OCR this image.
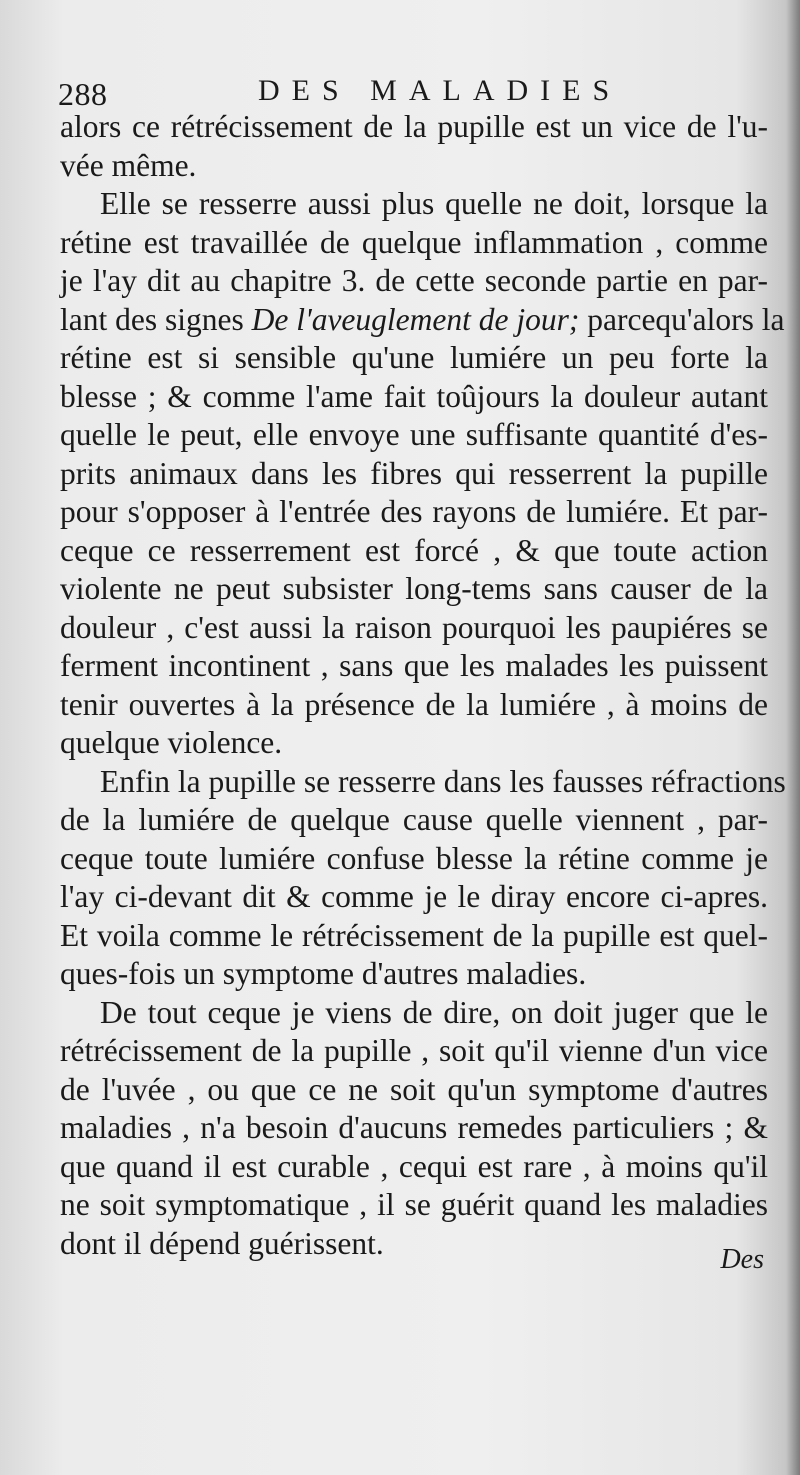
288	DES MALADIES
alors ce rétrécissement de la pupille est un vice de l'u-
vée même.
Elle se resserre aussi plus quelle ne doit, lorsque la
rétine est travaillée de quelque inflammation , comme
je l'ay dit au chapitre 3. de cette seconde partie en par-
lant des signes De l'aveuglement de jour; parcequ'alors la
rétine est si sensible qu'une lumiére un peu forte la
blesse ; & comme l'ame fait toûjours la douleur autant
quelle le peut, elle envoye une suffisante quantité d'es-
prits animaux dans les fibres qui resserrent la pupille
pour s'opposer à l'entrée des rayons de lumiére. Et par-
ceque ce resserrement est forcé , & que toute action
violente ne peut subsister long-tems sans causer de la
douleur , c'est aussi la raison pourquoi les paupiéres se
ferment incontinent , sans que les malades les puissent
tenir ouvertes à la présence de la lumiére , à moins de
quelque violence.
Enfin la pupille se resserre dans les fausses réfractions
de la lumiére de quelque cause quelle viennent , par-
ceque toute lumiére confuse blesse la rétine comme je
l'ay ci-devant dit & comme je le diray encore ci-apres.
Et voila comme le rétrécissement de la pupille est quel-
ques-fois un symptome d'autres maladies.
De tout ceque je viens de dire, on doit juger que le
rétrécissement de la pupille , soit qu'il vienne d'un vice
de l'uvée , ou que ce ne soit qu'un symptome d'autres
maladies , n'a besoin d'aucuns remedes particuliers ; &
que quand il est curable , cequi est rare , à moins qu'il
ne soit symptomatique , il se guérit quand les maladies
dont il dépend guérissent.	Des
